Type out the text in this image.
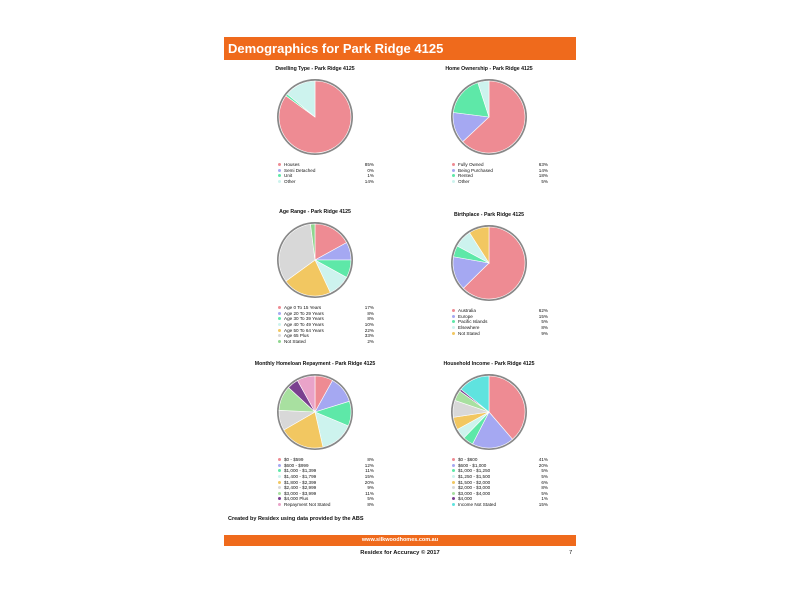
Demographics for Park Ridge 4125
Dwelling Type - Park Ridge 4125
Houses	85%
Semi Detached	0%
Unit	1%
Other	14%
Home Ownership - Park Ridge 4125
Fully Owned	63%
Being Purchased	14%
Rented	18%
Other	5%
Age Range - Park Ridge 4125
Age 0 To 15 Years	17%
Age 20 To 29 Years	8%
Age 30 To 39 Years	8%
Age 40 To 49 Years	10%
Age 50 To 64 Years	22%
Age 65 Plus	33%
Not Stated	2%
Birthplace - Park Ridge 4125
Australia	62%
Europe	15%
Pacific Islands	5%
Elsewhere	8%
Not Stated	9%
Monthly Homeloan Repayment - Park Ridge 4125
$0 - $599	8%
$600 - $999	12%
$1,000 - $1,399	11%
$1,400 - $1,799	15%
$1,800 - $2,399	20%
$2,400 - $2,999	9%
$3,000 - $3,999	11%
$4,000 Plus	5%
Repayment Not Stated	8%
Household Income - Park Ridge 4125
$0 - $600	41%
$600 - $1,000	20%
$1,000 - $1,250	5%
$1,250 - $1,500	5%
$1,500 - $2,000	6%
$2,000 - $3,000	8%
$3,000 - $4,000	5%
$4,000	1%
Income Not Stated	15%
Created by Residex using data provided by the ABS
www.silkwoodhomes.com.au
Residex for Accuracy © 2017	7
